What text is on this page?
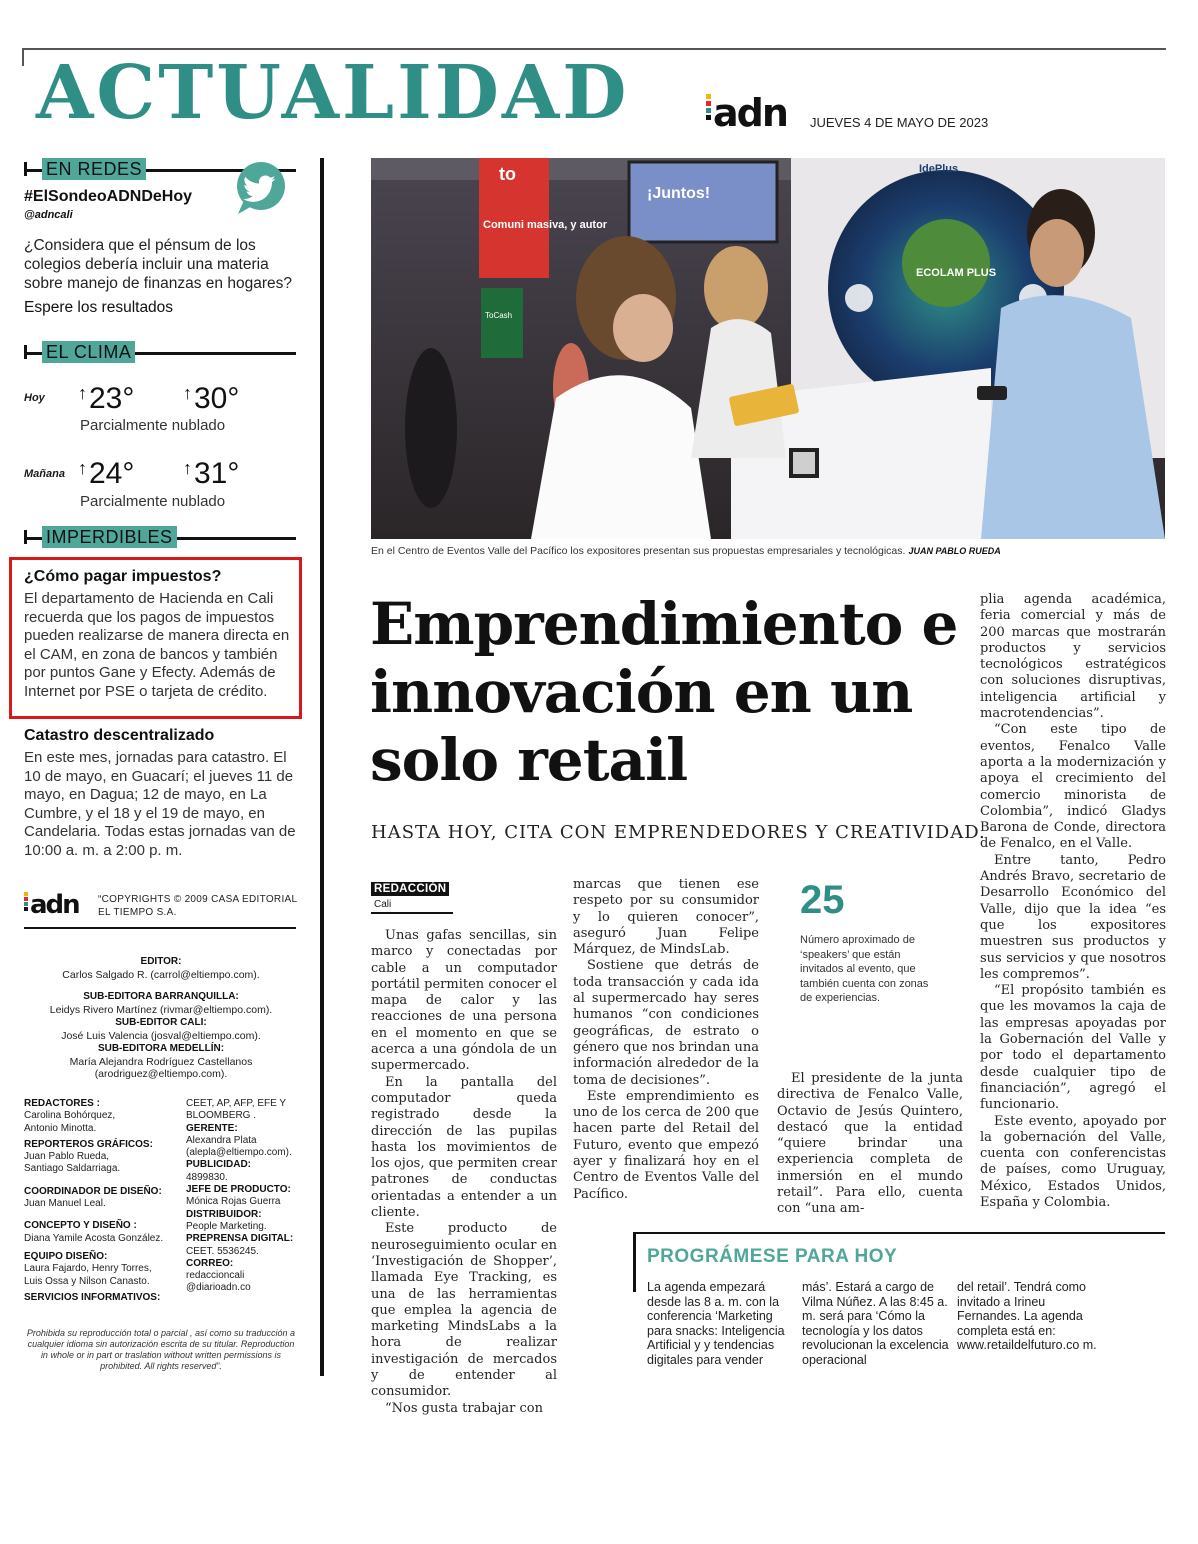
ACTUALIDAD adn JUEVES 4 DE MAYO DE 2023
EN REDES
#ElSondeoADNDeHoy
@adncali
¿Considera que el pénsum de los colegios debería incluir una materia sobre manejo de finanzas en hogares?
Espere los resultados
EL CLIMA
Hoy ↑23°	↑30°
Parcialmente nublado
Mañana ↑24°	↑31°
Parcialmente nublado
IMPERDIBLES
¿Cómo pagar impuestos?
El departamento de Hacienda en Cali recuerda que los pagos de impuestos pueden realizarse de manera directa en el CAM, en zona de bancos y también por puntos Gane y Efecty. Además de Internet por PSE o tarjeta de crédito.
Catastro descentralizado
En este mes, jornadas para catastro. El 10 de mayo, en Guacarí; el jueves 11 de mayo, en Dagua; 12 de mayo, en La Cumbre, y el 18 y el 19 de mayo, en Candelaria. Todas estas jornadas van de 10:00 a. m. a 2:00 p. m.
adn “COPYRIGHTS © 2009 CASA EDITORIAL EL TIEMPO S.A.
EDITOR:
Carlos Salgado R. (carrol@eltiempo.com).

SUB-EDITORA BARRANQUILLA:
Leidys Rivero Martínez (rivmar@eltiempo.com).
SUB-EDITOR CALI:
José Luis Valencia (josval@eltiempo.com).
SUB-EDITORA MEDELLÍN:
María Alejandra Rodríguez Castellanos (arodriguez@eltiempo.com).
REDACTORES :
Carolina Bohórquez, Antonio Minotta.
REPORTEROS GRÁFICOS:
Juan Pablo Rueda, Santiago Saldarriaga.
COORDINADOR DE DISEÑO:
Juan Manuel Leal.
CONCEPTO Y DISEÑO :
Diana Yamile Acosta González.
EQUIPO DISEÑO:
Laura Fajardo, Henry Torres, Luis Ossa y Nilson Canasto.
SERVICIOS INFORMATIVOS:
CEET, AP, AFP, EFE Y BLOOMBERG .
GERENTE:
Alexandra Plata (alepla@eltiempo.com).
PUBLICIDAD:
4899830.
JEFE DE PRODUCTO:
Mónica Rojas Guerra
DISTRIBUIDOR:
People Marketing.
PREPRENSA DIGITAL:
CEET. 5536245.
CORREO:
redaccioncali @diarioadn.co
Prohibida su reproducción total o parcial , así como su traducción a cualquier idioma sin autorización escrita de su titular. Reproduction in whole or in part or traslation without written permissions is prohibited. All rights reserved”.
to
Comuni masiva, y autor
¡Juntos!
IdePlus
ECOLAM PLUS
ToCash
En el Centro de Eventos Valle del Pacífico los expositores presentan sus propuestas empresariales y tecnológicas. JUAN PABLO RUEDA
Emprendimiento e innovación en un solo retail
HASTA HOY, CITA CON EMPRENDEDORES Y CREATIVIDAD.
REDACCIÓN
Cali

Unas gafas sencillas, sin marco y conectadas por cable a un computador portátil permiten conocer el mapa de calor y las reacciones de una persona en el momento en que se acerca a una góndola de un supermercado.

En la pantalla del computador queda registrado desde la dirección de las pupilas hasta los movimientos de los ojos, que permiten crear patrones de conductas orientadas a entender a un cliente.

Este producto de neuroseguimiento ocular en ‘Investigación de Shopper’, llamada Eye Tracking, es una de las herramientas que emplea la agencia de marketing MindsLabs a la hora de realizar investigación de mercados y de entender al consumidor.

“Nos gusta trabajar con

marcas que tienen ese respeto por su consumidor y lo quieren conocer”, aseguró Juan Felipe Márquez, de MindsLab.

Sostiene que detrás de toda transacción y cada ida al supermercado hay seres humanos “con condiciones geográficas, de estrato o género que nos brindan una información alrededor de la toma de decisiones”.

Este emprendimiento es uno de los cerca de 200 que hacen parte del Retail del Futuro, evento que empezó ayer y finalizará hoy en el Centro de Eventos Valle del Pacífico.

25
Número aproximado de ‘speakers’ que están invitados al evento, que también cuenta con zonas de experiencias.

El presidente de la junta directiva de Fenalco Valle, Octavio de Jesús Quintero, destacó que la entidad “quiere brindar una experiencia completa de inmersión en el mundo retail”. Para ello, cuenta con “una am-

plia agenda académica, feria comercial y más de 200 marcas que mostrarán productos y servicios tecnológicos estratégicos con soluciones disruptivas, inteligencia artificial y macrotendencias”.

“Con este tipo de eventos, Fenalco Valle aporta a la modernización y apoya el crecimiento del comercio minorista de Colombia”, indicó Gladys Barona de Conde, directora de Fenalco, en el Valle.

Entre tanto, Pedro Andrés Bravo, secretario de Desarrollo Económico del Valle, dijo que la idea “es que los expositores muestren sus productos y sus servicios y que nosotros les compremos”.

“El propósito también es que les movamos la caja de las empresas apoyadas por la Gobernación del Valle y por todo el departamento desde cualquier tipo de financiación”, agregó el funcionario.

Este evento, apoyado por la gobernación del Valle, cuenta con conferencistas de países, como Uruguay, México, Estados Unidos, España y Colombia.

PROGRÁMESE PARA HOY
La agenda empezará desde las 8 a. m. con la conferencia ‘Marketing para snacks: Inteligencia Artificial y y tendencias digitales para vender
más’. Estará a cargo de Vilma Núñez. A las 8:45 a. m. será para ‘Cómo la tecnología y los datos revolucionan la excelencia operacional
del retail’. Tendrá como invitado a Irineu Fernandes. La agenda completa está en: www.retaildelfuturo.co m.
